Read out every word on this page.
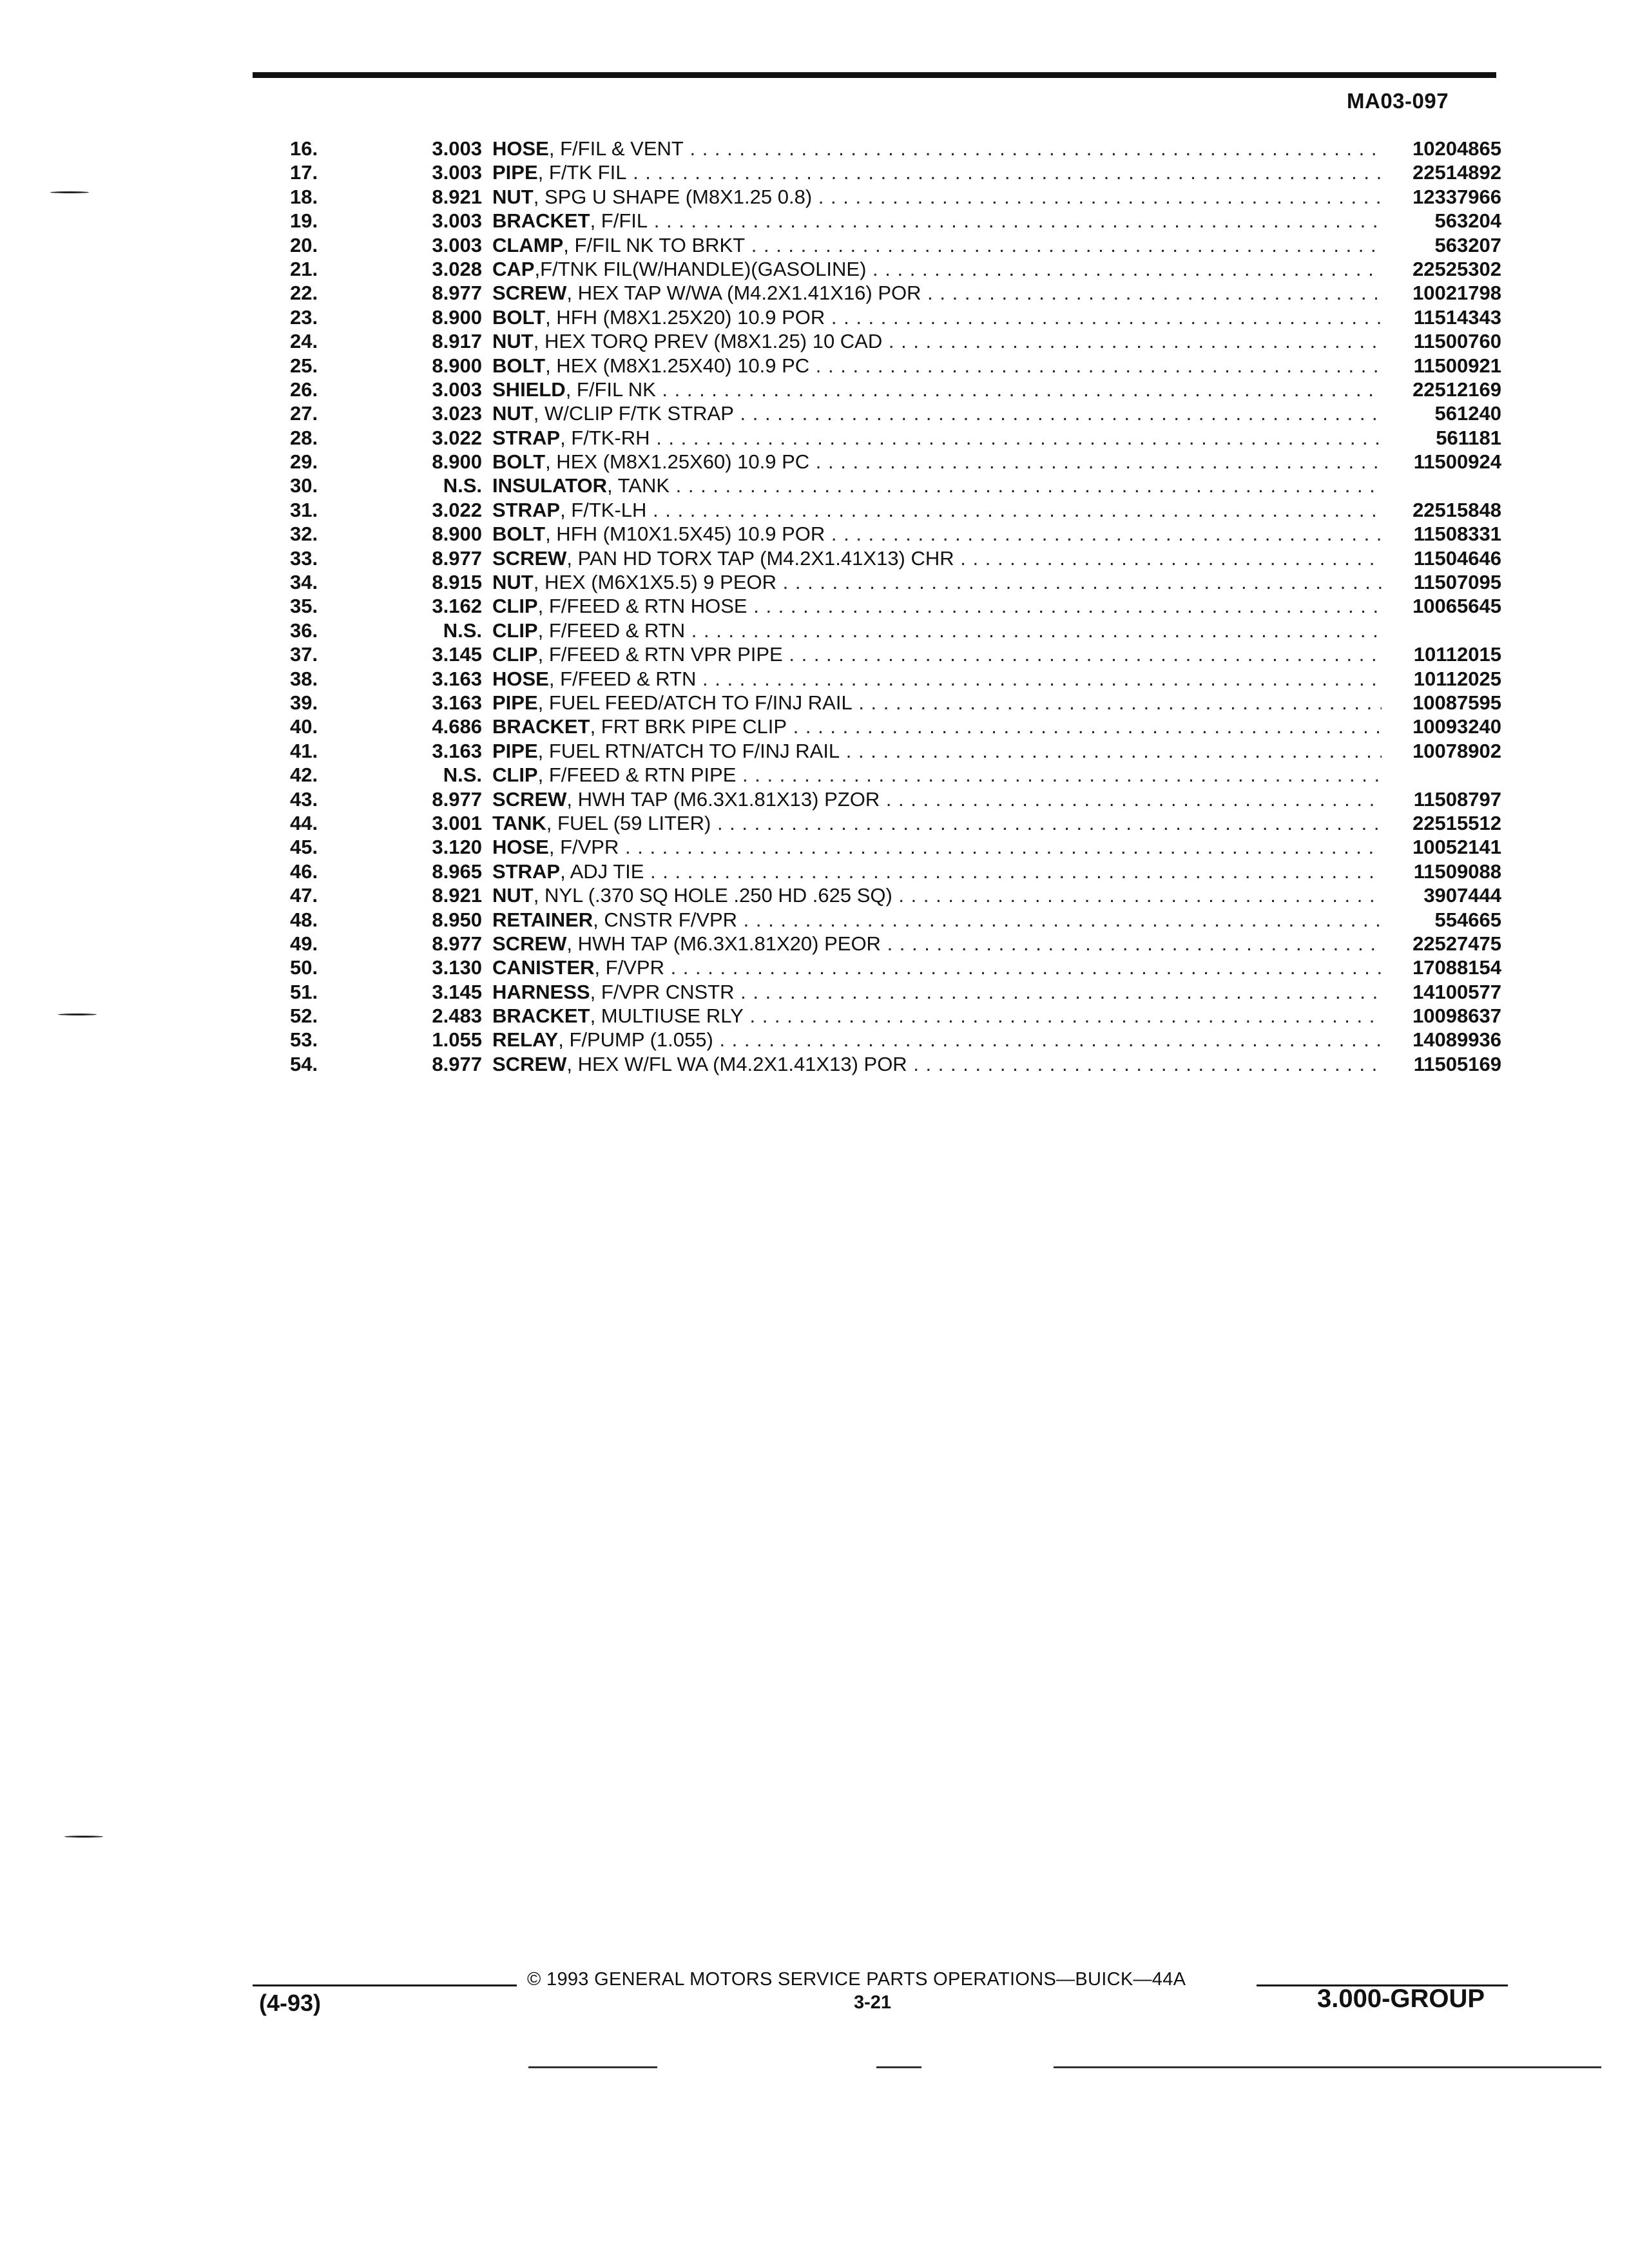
MA03-097
16.	3.003 HOSE, F/FIL & VENT . . .	10204865
17.	3.003 PIPE, F/TK FIL . . .	22514892
18.	8.921 NUT, SPG U SHAPE (M8X1.25 0.8) . . .	12337966
19.	3.003 BRACKET, F/FIL . . .	563204
20.	3.003 CLAMP, F/FIL NK TO BRKT . . .	563207
21.	3.028 CAP,F/TNK FIL(W/HANDLE)(GASOLINE) . . .	22525302
22.	8.977 SCREW, HEX TAP W/WA (M4.2X1.41X16) POR . . .	10021798
23.	8.900 BOLT, HFH (M8X1.25X20) 10.9 POR . . .	11514343
24.	8.917 NUT, HEX TORQ PREV (M8X1.25) 10 CAD . . .	11500760
25.	8.900 BOLT, HEX (M8X1.25X40) 10.9 PC . . .	11500921
26.	3.003 SHIELD, F/FIL NK . . .	22512169
27.	3.023 NUT, W/CLIP F/TK STRAP . . .	561240
28.	3.022 STRAP, F/TK-RH . . .	561181
29.	8.900 BOLT, HEX (M8X1.25X60) 10.9 PC . . .	11500924
30.	N.S. INSULATOR, TANK . . .
31.	3.022 STRAP, F/TK-LH . . .	22515848
32.	8.900 BOLT, HFH (M10X1.5X45) 10.9 POR . . .	11508331
33.	8.977 SCREW, PAN HD TORX TAP (M4.2X1.41X13) CHR . . .	11504646
34.	8.915 NUT, HEX (M6X1X5.5) 9 PEOR . . .	11507095
35.	3.162 CLIP, F/FEED & RTN HOSE . . .	10065645
36.	N.S. CLIP, F/FEED & RTN . . .
37.	3.145 CLIP, F/FEED & RTN VPR PIPE . . .	10112015
38.	3.163 HOSE, F/FEED & RTN . . .	10112025
39.	3.163 PIPE, FUEL FEED/ATCH TO F/INJ RAIL . . .	10087595
40.	4.686 BRACKET, FRT BRK PIPE CLIP . . .	10093240
41.	3.163 PIPE, FUEL RTN/ATCH TO F/INJ RAIL . . .	10078902
42.	N.S. CLIP, F/FEED & RTN PIPE . . .
43.	8.977 SCREW, HWH TAP (M6.3X1.81X13) PZOR . . .	11508797
44.	3.001 TANK, FUEL (59 LITER) . . .	22515512
45.	3.120 HOSE, F/VPR . . .	10052141
46.	8.965 STRAP, ADJ TIE . . .	11509088
47.	8.921 NUT, NYL (.370 SQ HOLE .250 HD .625 SQ) . . .	3907444
48.	8.950 RETAINER, CNSTR F/VPR . . .	554665
49.	8.977 SCREW, HWH TAP (M6.3X1.81X20) PEOR . . .	22527475
50.	3.130 CANISTER, F/VPR . . .	17088154
51.	3.145 HARNESS, F/VPR CNSTR . . .	14100577
52.	2.483 BRACKET, MULTIUSE RLY . . .	10098637
53.	1.055 RELAY, F/PUMP (1.055) . . .	14089936
54.	8.977 SCREW, HEX W/FL WA (M4.2X1.41X13) POR . . .	11505169
© 1993 GENERAL MOTORS SERVICE PARTS OPERATIONS—BUICK—44A
(4-93)	3-21	3.000-GROUP
